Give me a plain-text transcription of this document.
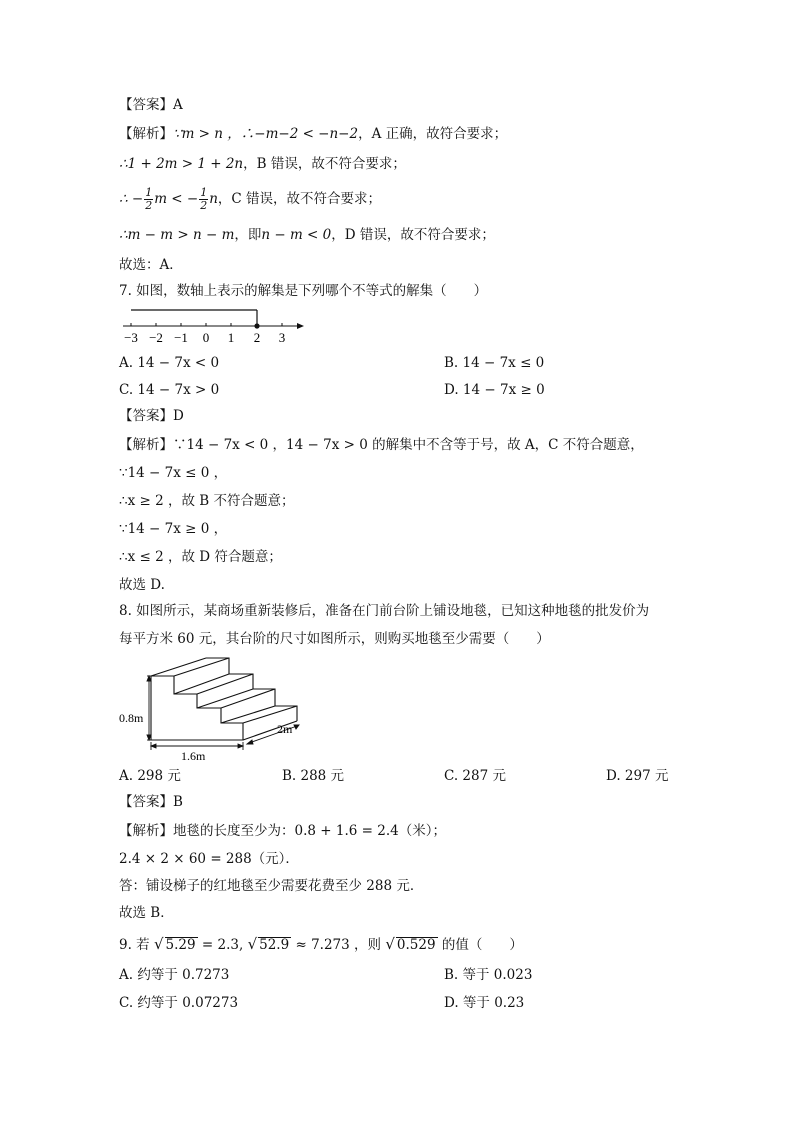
【答案】A
【解析】∵m > n ，∴−m−2 < −n−2，A 正确，故符合要求；
∴1 + 2m > 1 + 2n，B 错误，故不符合要求；
∴ − $\frac{1}{2}$ m < − $\frac{1}{2}$ n，C 错误，故不符合要求；
∴m − m > n − m，即n − m < 0，D 错误，故不符合要求；
故选：A．
7. 如图，数轴上表示的解集是下列哪个不等式的解集（　　）
−3 −2 −1 0 1 2 3
A. 14 − 7x < 0	B. 14 − 7x ≤ 0
C. 14 − 7x > 0	D. 14 − 7x ≥ 0
【答案】D
【解析】∵14 − 7x < 0 ，14 − 7x > 0 的解集中不含等于号，故 A，C 不符合题意，
∵14 − 7x ≤ 0 ，
∴x ≥ 2 ，故 B 不符合题意；
∵14 − 7x ≥ 0 ，
∴x ≤ 2 ，故 D 符合题意；
故选 D.
8. 如图所示，某商场重新装修后，准备在门前台阶上铺设地毯，已知这种地毯的批发价为
每平方米 60 元，其台阶的尺寸如图所示，则购买地毯至少需要（　　）
0.8m
1.6m
2m
A. 298 元	B. 288 元	C. 287 元	D. 297 元
【答案】B
【解析】地毯的长度至少为：0.8 + 1.6 = 2.4（米）；
2.4 × 2 × 60 = 288（元）．
答：铺设梯子的红地毯至少需要花费至少 288 元．
故选 B．
9. 若 √ 5.29 = 2.3, √ 52.9 ≈ 7.273 ，则 √ 0.529 的值（　　）
A. 约等于 0.7273	B. 等于 0.023
C. 约等于 0.07273	D. 等于 0.23
